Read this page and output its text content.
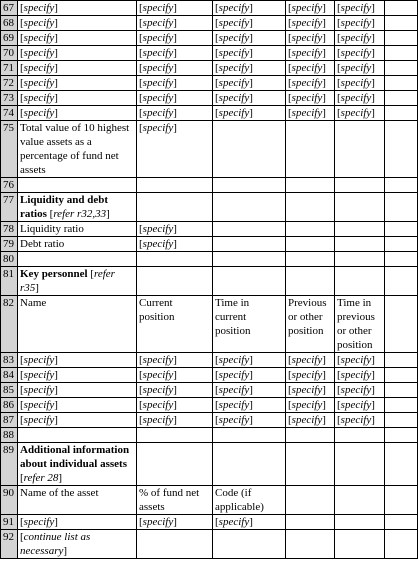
67	[specify]	[specify]	[specify]	[specify]	[specify]	
68	[specify]	[specify]	[specify]	[specify]	[specify]	
69	[specify]	[specify]	[specify]	[specify]	[specify]	
70	[specify]	[specify]	[specify]	[specify]	[specify]	
71	[specify]	[specify]	[specify]	[specify]	[specify]	
72	[specify]	[specify]	[specify]	[specify]	[specify]	
73	[specify]	[specify]	[specify]	[specify]	[specify]	
74	[specify]	[specify]	[specify]	[specify]	[specify]	
75	Total value of 10 highest value assets as a percentage of fund net assets	[specify]				
76						
77	Liquidity and debt ratios [refer r32,33]					
78	Liquidity ratio	[specify]				
79	Debt ratio	[specify]				
80						
81	Key personnel [refer r35]					
82	Name	Current position	Time in current position	Previous or other position	Time in previous or other position	
83	[specify]	[specify]	[specify]	[specify]	[specify]	
84	[specify]	[specify]	[specify]	[specify]	[specify]	
85	[specify]	[specify]	[specify]	[specify]	[specify]	
86	[specify]	[specify]	[specify]	[specify]	[specify]	
87	[specify]	[specify]	[specify]	[specify]	[specify]	
88						
89	Additional information about individual assets [refer 28]					
90	Name of the asset	% of fund net assets	Code (if applicable)			
91	[specify]	[specify]	[specify]			
92	[continue list as necessary]					
